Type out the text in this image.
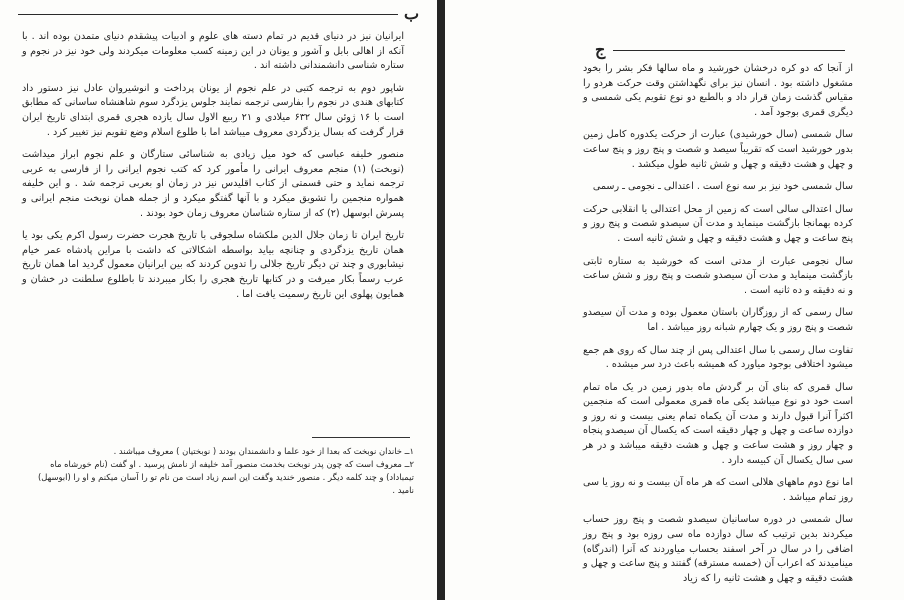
ب

ایرانیان نیز در دنیای قدیم در تمام دسته های علوم و ادبیات پیشقدم دنیای متمدن بوده اند . با آنکه از اهالی بابل و آشور و یونان در این زمینه کسب معلومات میکردند ولی خود نیز در نجوم و ستاره شناسی دانشمندانی داشته اند .

شاپور دوم به ترجمه کتبی در علم نجوم از یونان پرداخت و انوشیروان عادل نیز دستور داد کتابهای هندی در نجوم را بفارسی ترجمه نمایند جلوس یزدگرد سوم شاهنشاه ساسانی که مطابق است با ۱۶ ژوئن سال ۶۳۲ میلادی و ۲۱ ربیع الاول سال یازده هجری قمری ابتدای تاریخ ایران قرار گرفت که بسال یزدگردی معروف میباشد اما با طلوع اسلام وضع تقویم نیز تغییر کرد .

منصور خلیفه عباسی که خود میل زیادی به شناسائی ستارگان و علم نجوم ابراز میداشت (نوبخت) (۱) منجم معروف ایرانی را مأمور کرد که کتب نجوم ایرانی را از فارسی به عربی ترجمه نماید و حتی قسمتی از کتاب اقلیدس نیز در زمان او بعربی ترجمه شد . و این خلیفه همواره منجمین را تشویق میکرد و با آنها گفتگو میکرد و از جمله همان نوبخت منجم ایرانی و پسرش ابوسهل (۲) که از ستاره شناسان معروف زمان خود بودند .

تاریخ ایران تا زمان جلال الدین ملکشاه سلجوقی با تاریخ هجرت حضرت رسول اکرم یکی بود یا همان تاریخ یزدگردی و چنانچه بیاید بواسطه اشکالاتی که داشت با مراین پادشاه عمر خیام نیشابوری و چند تن دیگر تاریخ جلالی را تدوین کردند که بین ایرانیان معمول گردید اما همان تاریخ عرب رسماً بکار میرفت و در کتابها تاریخ هجری را بکار میبردند تا باطلوع سلطنت در خشان و همایون پهلوی این تاریخ رسمیت یافت اما .

۱ــ خاندان نوبخت که بعدا از خود علما و دانشمندان بودند ( نوبختیان ) معروف میباشند .

۲ــ معروف است که چون پدر نوبخت بخدمت منصور آمد خلیفه از نامش پرسید . او گفت (نام خورشاه ماه تیمباداد) و چند کلمه دیگر . منصور خندید وگفت این اسم زیاد است من نام تو را آسان میکنم و او را (ابوسهل) نامید .

ج

از آنجا که دو کره درخشان خورشید و ماه سالها فکر بشر را بخود مشغول داشته بود . انسان نیز برای نگهداشتن وقت حرکت هردو را مقیاس گذشت زمان قرار داد و بالطبع دو نوع تقویم یکی شمسی و دیگری قمری بوجود آمد .

سال شمسی (سال خورشیدی) عبارت از حرکت یکدوره کامل زمین بدور خورشید است که تقریباً سیصد و شصت و پنج روز و پنج ساعت و چهل و هشت دقیقه و چهل و شش ثانیه طول میکشد .

سال شمسی خود نیز بر سه نوع است . اعتدالی ـ نجومی ـ رسمی

سال اعتدالی سالی است که زمین از محل اعتدالی یا انقلابی حرکت کرده بهمانجا بازگشت مینماید و مدت آن سیصدو شصت و پنج روز و پنج ساعت و چهل و هشت دقیقه و چهل و شش ثانیه است .

سال نجومی عبارت از مدتی است که خورشید به ستاره ثابتی بازگشت مینماید و مدت آن سیصدو شصت و پنج روز و شش ساعت و نه دقیقه و ده ثانیه است .

سال رسمی که از روزگاران باستان معمول بوده و مدت آن سیصدو شصت و پنج روز و یک چهارم شبانه روز میباشد . اما

تفاوت سال رسمی با سال اعتدالی پس از چند سال که روی هم جمع میشود اختلافی بوجود میاورد که همیشه باعث درد سر میشده .

سال قمری که بنای آن بر گردش ماه بدور زمین در یک ماه تمام است خود دو نوع میباشد یکی ماه قمری معمولی است که منجمین اکثراً آنرا قبول دارند و مدت آن یکماه تمام یعنی بیست و نه روز و دوازده ساعت و چهل و چهار دقیقه است که یکسال آن سیصدو پنجاه و چهار روز و هشت ساعت و چهل و هشت دقیقه میباشد و در هر سی سال یکسال آن کبیسه دارد .

اما نوع دوم ماههای هلالی است که هر ماه آن بیست و نه روز یا سی روز تمام میباشد .

سال شمسی در دوره ساسانیان سیصدو شصت و پنج روز حساب میکردند بدین ترتیب که سال دوازده ماه سی روزه بود و پنج روز اضافی را در سال در آخر اسفند بحساب میاوردند که آنرا (اندرگاه) مینامیدند که اعراب آن (خمسه مسترقه) گفتند و پنج ساعت و چهل و هشت دقیقه و چهل و هشت ثانیه را که زیاد
